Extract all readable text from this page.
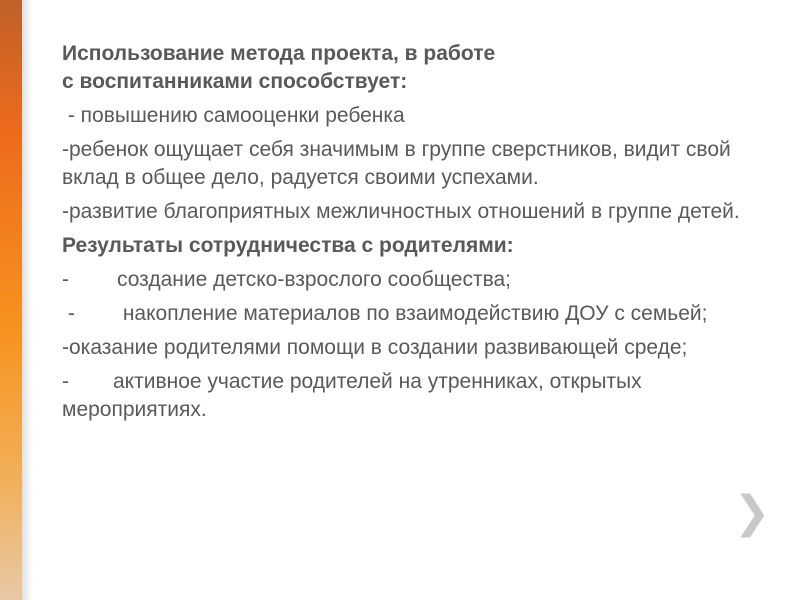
Использование метода проекта, в работе
с воспитанниками способствует:

- повышению самооценки ребенка

-ребенок ощущает себя значимым в группе сверстников, видит свой вклад в общее дело, радуется своими успехами.

-развитие благоприятных межличностных отношений в группе детей.

Результаты сотрудничества с родителями:

- создание детско-взрослого сообщества;

- накопление материалов по взаимодействию ДОУ с семьей;

-оказание родителями помощи в создании развивающей среде;

- активное участие родителей на утренниках, открытых мероприятиях.

❯
